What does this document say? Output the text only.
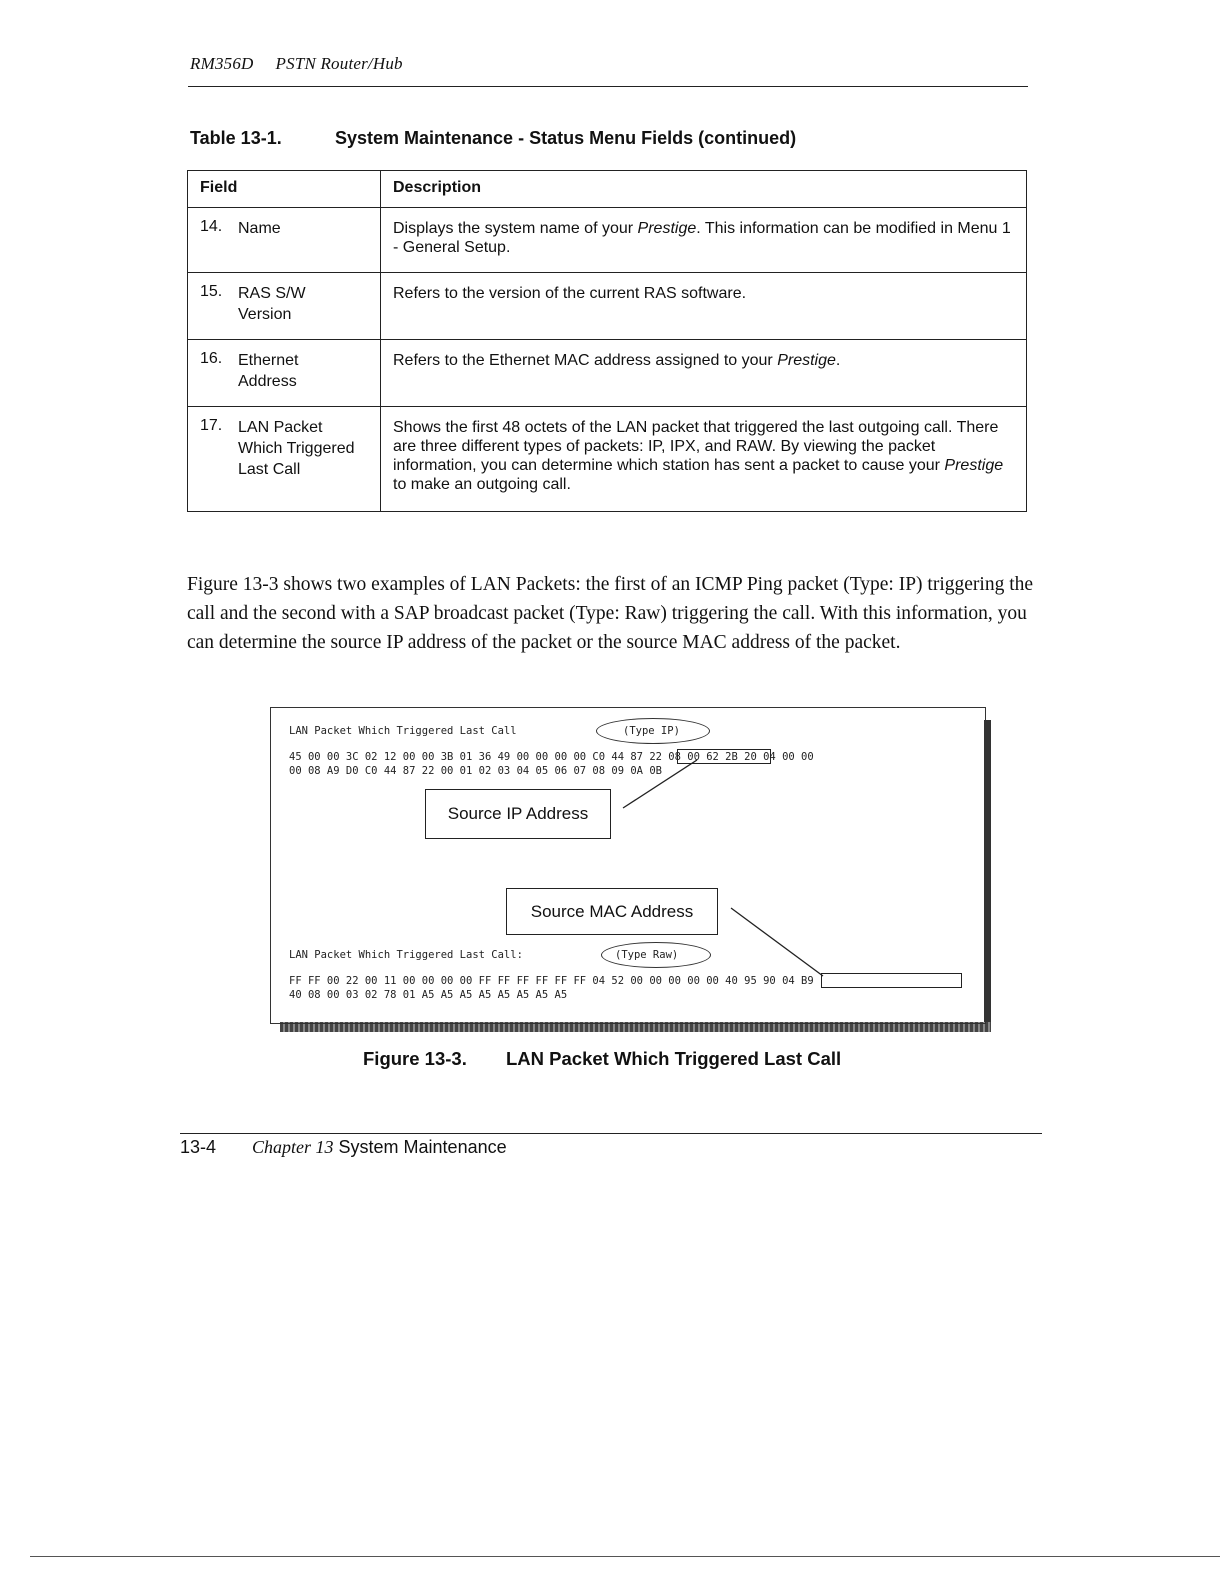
RM356D PSTN Router/Hub
Table 13-1.	System Maintenance - Status Menu Fields (continued)
Field	Description
14. Name	Displays the system name of your Prestige. This information can be modified in Menu 1 - General Setup.
15. RAS S/W Version	Refers to the version of the current RAS software.
16. Ethernet Address	Refers to the Ethernet MAC address assigned to your Prestige.
17. LAN Packet Which Triggered Last Call	Shows the first 48 octets of the LAN packet that triggered the last outgoing call. There are three different types of packets: IP, IPX, and RAW. By viewing the packet information, you can determine which station has sent a packet to cause your Prestige to make an outgoing call.
Figure 13-3 shows two examples of LAN Packets: the first of an ICMP Ping packet (Type: IP) triggering the call and the second with a SAP broadcast packet (Type: Raw) triggering the call. With this information, you can determine the source IP address of the packet or the source MAC address of the packet.
LAN Packet Which Triggered Last Call	(Type IP)
45 00 00 3C 02 12 00 00 3B 01 36 49 00 00 00 00 C0 44 87 22 08 00 62 2B 20 04 00 00
00 08 A9 D0 C0 44 87 22 00 01 02 03 04 05 06 07 08 09 0A 0B
LAN Packet Which Triggered Last Call:	(Type Raw)
FF FF 00 22 00 11 00 00 00 00 FF FF FF FF FF FF 04 52 00 00 00 00 00 40 95 90 04 B9
40 08 00 03 02 78 01 A5 A5 A5 A5 A5 A5 A5 A5
Source IP Address
Source MAC Address
Figure 13-3. LAN Packet Which Triggered Last Call
13-4 Chapter 13 System Maintenance
